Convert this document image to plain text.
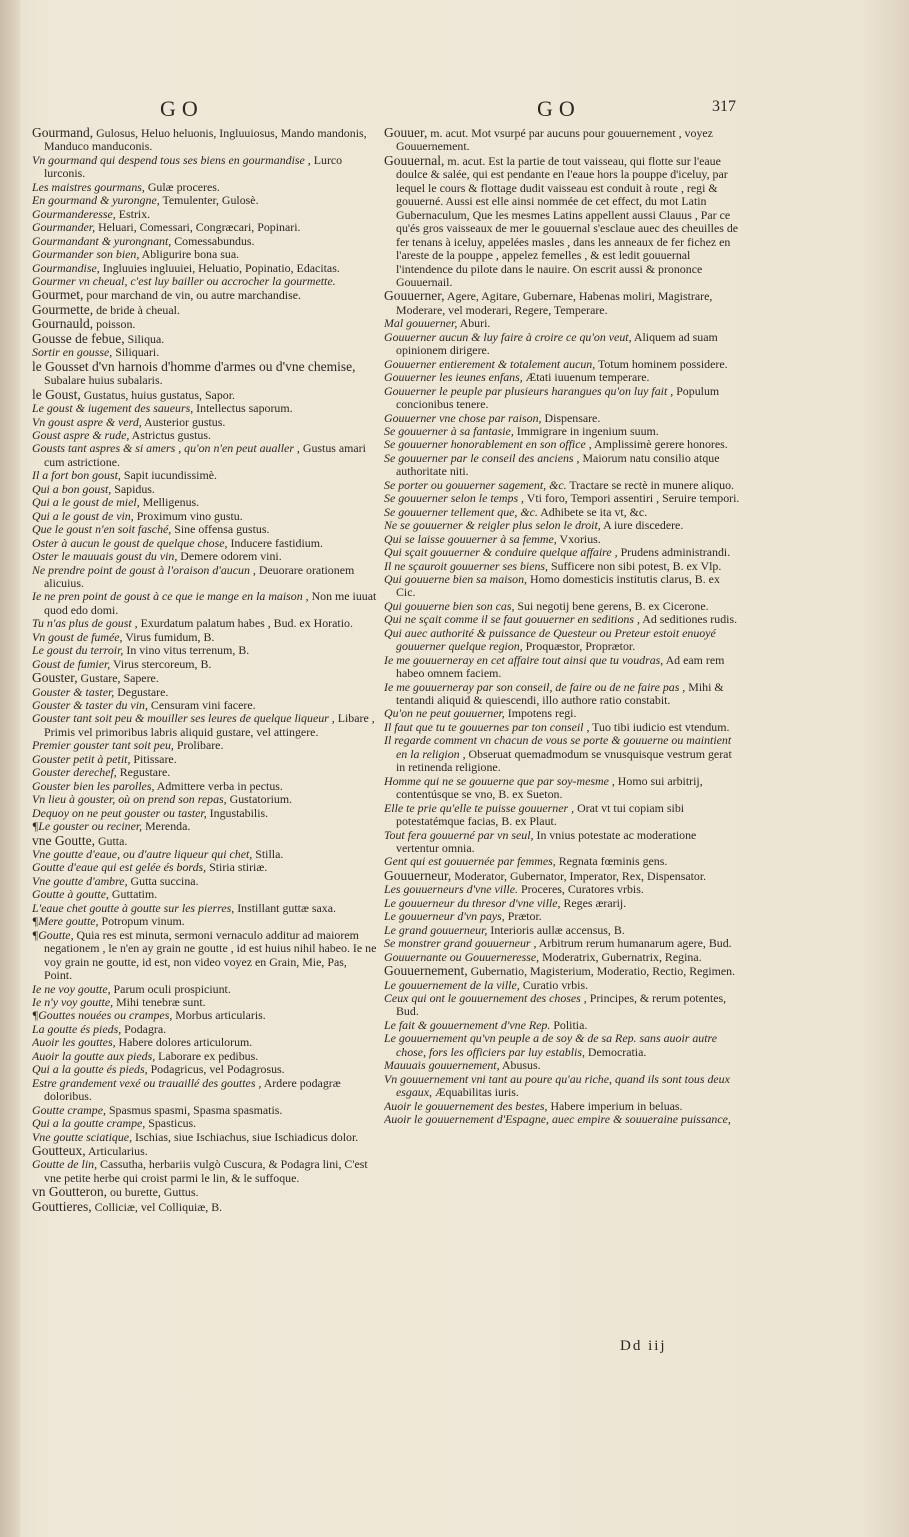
GO	GO	317
Gourmand, Gulosus, Heluo heluonis, Ingluuiosus, Mando mandonis, Manduco manduconis.
Vn gourmand qui despend tous ses biens en gourmandise , Lurco lurconis.
Les maistres gourmans, Gulæ proceres.
En gourmand & yurongne, Temulenter, Gulosè.
Gourmanderesse, Estrix.
Gourmander, Heluari, Comessari, Congræcari, Popinari.
Gourmandant & yurongnant, Comessabundus.
Gourmander son bien, Abligurire bona sua.
Gourmandise, Ingluuies ingluuiei, Heluatio, Popinatio, Edacitas.
Gourmer vn cheual, c'est luy bailler ou accrocher la gourmette.
Gourmet, pour marchand de vin, ou autre marchandise.
Gourmette, de bride à cheual.
Gournauld, poisson.
Gousse de febue, Siliqua.
Sortir en gousse, Siliquari.
le Gousset d'vn harnois d'homme d'armes ou d'vne chemise, Subalare huius subalaris.
le Goust, Gustatus, huius gustatus, Sapor.
Le goust & iugement des saueurs, Intellectus saporum.
Vn goust aspre & verd, Austerior gustus.
Goust aspre & rude, Astrictus gustus.
Gousts tant aspres & si amers , qu'on n'en peut aualler , Gustus amari cum astrictione.
Il a fort bon goust, Sapit iucundissimè.
Qui a bon goust, Sapidus.
Qui a le goust de miel, Melligenus.
Qui a le goust de vin, Proximum vino gustu.
Que le goust n'en soit fasché, Sine offensa gustus.
Oster à aucun le goust de quelque chose, Inducere fastidium.
Oster le mauuais goust du vin, Demere odorem vini.
Ne prendre point de goust à l'oraison d'aucun , Deuorare orationem alicuius.
Ie ne pren point de goust à ce que ie mange en la maison , Non me iuuat quod edo domi.
Tu n'as plus de goust , Exurdatum palatum habes , Bud. ex Horatio.
Vn goust de fumée, Virus fumidum, B.
Le goust du terroir, In vino vitus terrenum, B.
Goust de fumier, Virus stercoreum, B.
Gouster, Gustare, Sapere.
Gouster & taster, Degustare.
Gouster & taster du vin, Censuram vini facere.
Gouster tant soit peu & mouiller ses leures de quelque liqueur , Libare , Primis vel primoribus labris aliquid gustare, vel attingere.
Premier gouster tant soit peu, Prolibare.
Gouster petit à petit, Pitissare.
Gouster derechef, Regustare.
Gouster bien les parolles, Admittere verba in pectus.
Vn lieu à gouster, où on prend son repas, Gustatorium.
Dequoy on ne peut gouster ou taster, Ingustabilis.
¶Le gouster ou reciner, Merenda.
vne Goutte, Gutta.
Vne goutte d'eaue, ou d'autre liqueur qui chet, Stilla.
Goutte d'eaue qui est gelée és bords, Stiria stiriæ.
Vne goutte d'ambre, Gutta succina.
Goutte à goutte, Guttatim.
L'eaue chet goutte à goutte sur les pierres, Instillant guttæ saxa.
¶Mere goutte, Potropum vinum.
¶Goutte, Quia res est minuta, sermoni vernaculo additur ad maiorem negationem , le n'en ay grain ne goutte , id est huius nihil habeo. Ie ne voy grain ne goutte, id est, non video voyez en Grain, Mie, Pas, Point.
Ie ne voy goutte, Parum oculi prospiciunt.
Ie n'y voy goutte, Mihi tenebræ sunt.
¶Gouttes nouées ou crampes, Morbus articularis.
La goutte és pieds, Podagra.
Auoir les gouttes, Habere dolores articulorum.
Auoir la goutte aux pieds, Laborare ex pedibus.
Qui a la goutte és pieds, Podagricus, vel Podagrosus.
Estre grandement vexé ou trauaillé des gouttes , Ardere podagræ doloribus.
Goutte crampe, Spasmus spasmi, Spasma spasmatis.
Qui a la goutte crampe, Spasticus.
Vne goutte sciatique, Ischias, siue Ischiachus, siue Ischiadicus dolor.
Goutteux, Articularius.
Goutte de lin, Cassutha, herbariis vulgò Cuscura, & Podagra lini, C'est vne petite herbe qui croist parmi le lin, & le suffoque.
vn Goutteron, ou burette, Guttus.
Gouttieres, Colliciæ, vel Colliquiæ, B.
Gouuer, m. acut. Mot vsurpé par aucuns pour gouuernement , voyez Gouuernement.
Gouuernal, m. acut. Est la partie de tout vaisseau, qui flotte sur l'eaue doulce & salée, qui est pendante en l'eaue hors la pouppe d'iceluy, par lequel le cours & flottage dudit vaisseau est conduit à route , regi & gouuerné. Aussi est elle ainsi nommée de cet effect, du mot Latin Gubernaculum, Que les mesmes Latins appellent aussi Clauus , Par ce qu'és gros vaisseaux de mer le gouuernal s'esclaue auec des cheuilles de fer tenans à iceluy, appelées masles , dans les anneaux de fer fichez en l'areste de la pouppe , appelez femelles , & est ledit gouuernal l'intendence du pilote dans le nauire. On escrit aussi & prononce Gouuernail.
Gouuerner, Agere, Agitare, Gubernare, Habenas moliri, Magistrare, Moderare, vel moderari, Regere, Temperare.
Mal gouuerner, Aburi.
Gouuerner aucun & luy faire à croire ce qu'on veut, Aliquem ad suam opinionem dirigere.
Gouuerner entierement & totalement aucun, Totum hominem possidere.
Gouuerner les ieunes enfans, Ætati iuuenum temperare.
Gouuerner le peuple par plusieurs harangues qu'on luy fait , Populum concionibus tenere.
Gouuerner vne chose par raison, Dispensare.
Se gouuerner à sa fantasie, Immigrare in ingenium suum.
Se gouuerner honorablement en son office , Amplissimè gerere honores.
Se gouuerner par le conseil des anciens , Maiorum natu consilio atque authoritate niti.
Se porter ou gouuerner sagement, &c. Tractare se rectè in munere aliquo.
Se gouuerner selon le temps , Vti foro, Tempori assentiri , Seruire tempori.
Se gouuerner tellement que, &c. Adhibete se ita vt, &c.
Ne se gouuerner & reigler plus selon le droit, A iure discedere.
Qui se laisse gouuerner à sa femme, Vxorius.
Qui sçait gouuerner & conduire quelque affaire , Prudens administrandi.
Il ne sçauroit gouuerner ses biens, Sufficere non sibi potest, B. ex Vlp.
Qui gouuerne bien sa maison, Homo domesticis institutis clarus, B. ex Cic.
Qui gouuerne bien son cas, Sui negotij bene gerens, B. ex Cicerone.
Qui ne sçait comme il se faut gouuerner en seditions , Ad seditiones rudis.
Qui auec authorité & puissance de Questeur ou Preteur estoit enuoyé gouuerner quelque region, Proquæstor, Proprætor.
Ie me gouuerneray en cet affaire tout ainsi que tu voudras, Ad eam rem habeo omnem faciem.
Ie me gouuerneray par son conseil, de faire ou de ne faire pas , Mihi & tentandi aliquid & quiescendi, illo authore ratio constabit.
Qu'on ne peut gouuerner, Impotens regi.
Il faut que tu te gouuernes par ton conseil , Tuo tibi iudicio est vtendum.
Il regarde comment vn chacun de vous se porte & gouuerne ou maintient en la religion , Obseruat quemadmodum se vnusquisque vestrum gerat in retinenda religione.
Homme qui ne se gouuerne que par soy-mesme , Homo sui arbitrij, contentúsque se vno, B. ex Sueton.
Elle te prie qu'elle te puisse gouuerner , Orat vt tui copiam sibi potestatémque facias, B. ex Plaut.
Tout fera gouuerné par vn seul, In vnius potestate ac moderatione vertentur omnia.
Gent qui est gouuernée par femmes, Regnata fœminis gens.
Gouuerneur, Moderator, Gubernator, Imperator, Rex, Dispensator.
Les gouuerneurs d'vne ville. Proceres, Curatores vrbis.
Le gouuerneur du thresor d'vne ville, Reges ærarij.
Le gouuerneur d'vn pays, Prætor.
Le grand gouuerneur, Interioris aullæ accensus, B.
Se monstrer grand gouuerneur , Arbitrum rerum humanarum agere, Bud.
Gouuernante ou Gouuerneresse, Moderatrix, Gubernatrix, Regina.
Gouuernement, Gubernatio, Magisterium, Moderatio, Rectio, Regimen.
Le gouuernement de la ville, Curatio vrbis.
Ceux qui ont le gouuernement des choses , Principes, & rerum potentes, Bud.
Le fait & gouuernement d'vne Rep. Politia.
Le gouuernement qu'vn peuple a de soy & de sa Rep. sans auoir autre chose, fors les officiers par luy establis, Democratia.
Mauuais gouuernement, Abusus.
Vn gouuernement vni tant au poure qu'au riche, quand ils sont tous deux esgaux, Æquabilitas iuris.
Auoir le gouuernement des bestes, Habere imperium in beluas.
Auoir le gouuernement d'Espagne, auec empire & souueraine puissance,
Dd iij
